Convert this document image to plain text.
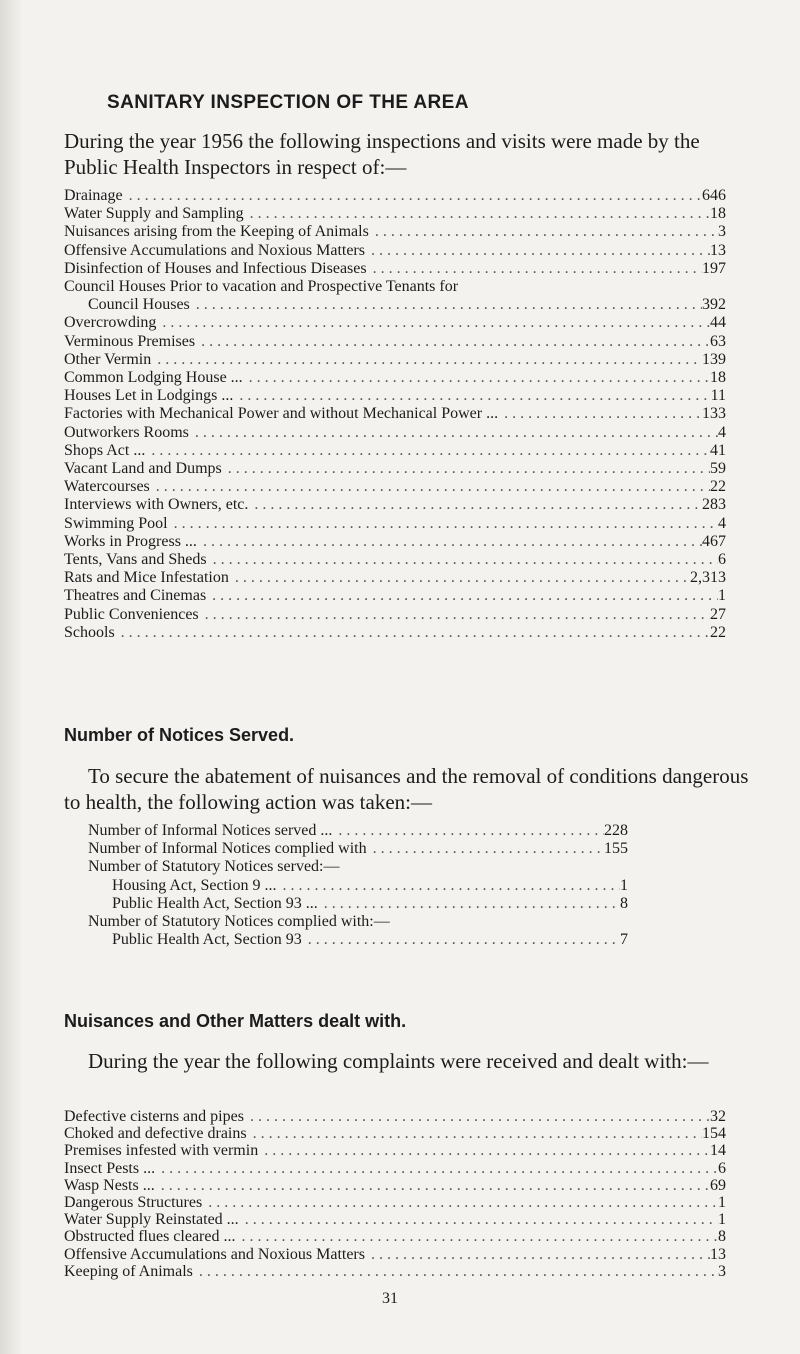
SANITARY INSPECTION OF THE AREA
During the year 1956 the following inspections and visits were made by the Public Health Inspectors in respect of:—
Drainage . . .	646
Water Supply and Sampling . . .	18
Nuisances arising from the Keeping of Animals . . .	3
Offensive Accumulations and Noxious Matters . . .	13
Disinfection of Houses and Infectious Diseases . . .	197
Council Houses Prior to vacation and Prospective Tenants for
Council Houses . . .	392
Overcrowding . . .	44
Verminous Premises . . .	63
Other Vermin . . .	139
Common Lodging House ... . . .	18
Houses Let in Lodgings ... . . .	11
Factories with Mechanical Power and without Mechanical Power ... . . .	133
Outworkers Rooms . . .	4
Shops Act ... . . .	41
Vacant Land and Dumps . . .	59
Watercourses . . .	22
Interviews with Owners, etc. . . .	283
Swimming Pool . . .	4
Works in Progress ... . . .	467
Tents, Vans and Sheds . . .	6
Rats and Mice Infestation . . .	2,313
Theatres and Cinemas . . .	1
Public Conveniences . . .	27
Schools . . .	22
Number of Notices Served.
To secure the abatement of nuisances and the removal of conditions dangerous to health, the following action was taken:—
Number of Informal Notices served ... . . .	228
Number of Informal Notices complied with . . .	155
Number of Statutory Notices served:—
Housing Act, Section 9 ... . . .	1
Public Health Act, Section 93 ... . . .	8
Number of Statutory Notices complied with:—
Public Health Act, Section 93 . . .	7
Nuisances and Other Matters dealt with.
During the year the following complaints were received and dealt with:—
Defective cisterns and pipes . . .	32
Choked and defective drains . . .	154
Premises infested with vermin . . .	14
Insect Pests ... . . .	6
Wasp Nests ... . . .	69
Dangerous Structures . . .	1
Water Supply Reinstated ... . . .	1
Obstructed flues cleared ... . . .	8
Offensive Accumulations and Noxious Matters . . .	13
Keeping of Animals . . .	3
31
